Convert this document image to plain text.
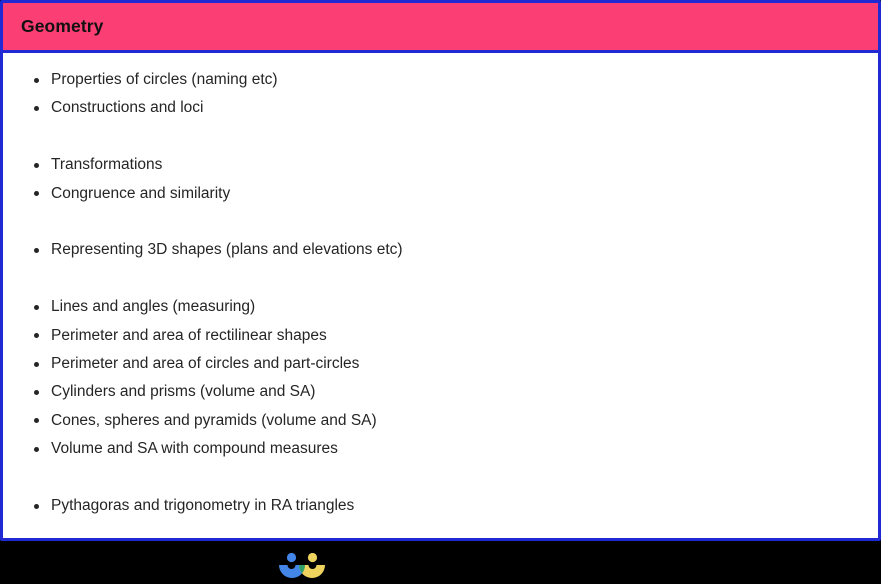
Geometry
Properties of circles (naming etc)
Constructions and loci
Transformations
Congruence and similarity
Representing 3D shapes (plans and elevations etc)
Lines and angles (measuring)
Perimeter and area of rectilinear shapes
Perimeter and area of circles and part-circles
Cylinders and prisms (volume and SA)
Cones, spheres and pyramids (volume and SA)
Volume and SA with compound measures
Pythagoras and trigonometry in RA triangles
